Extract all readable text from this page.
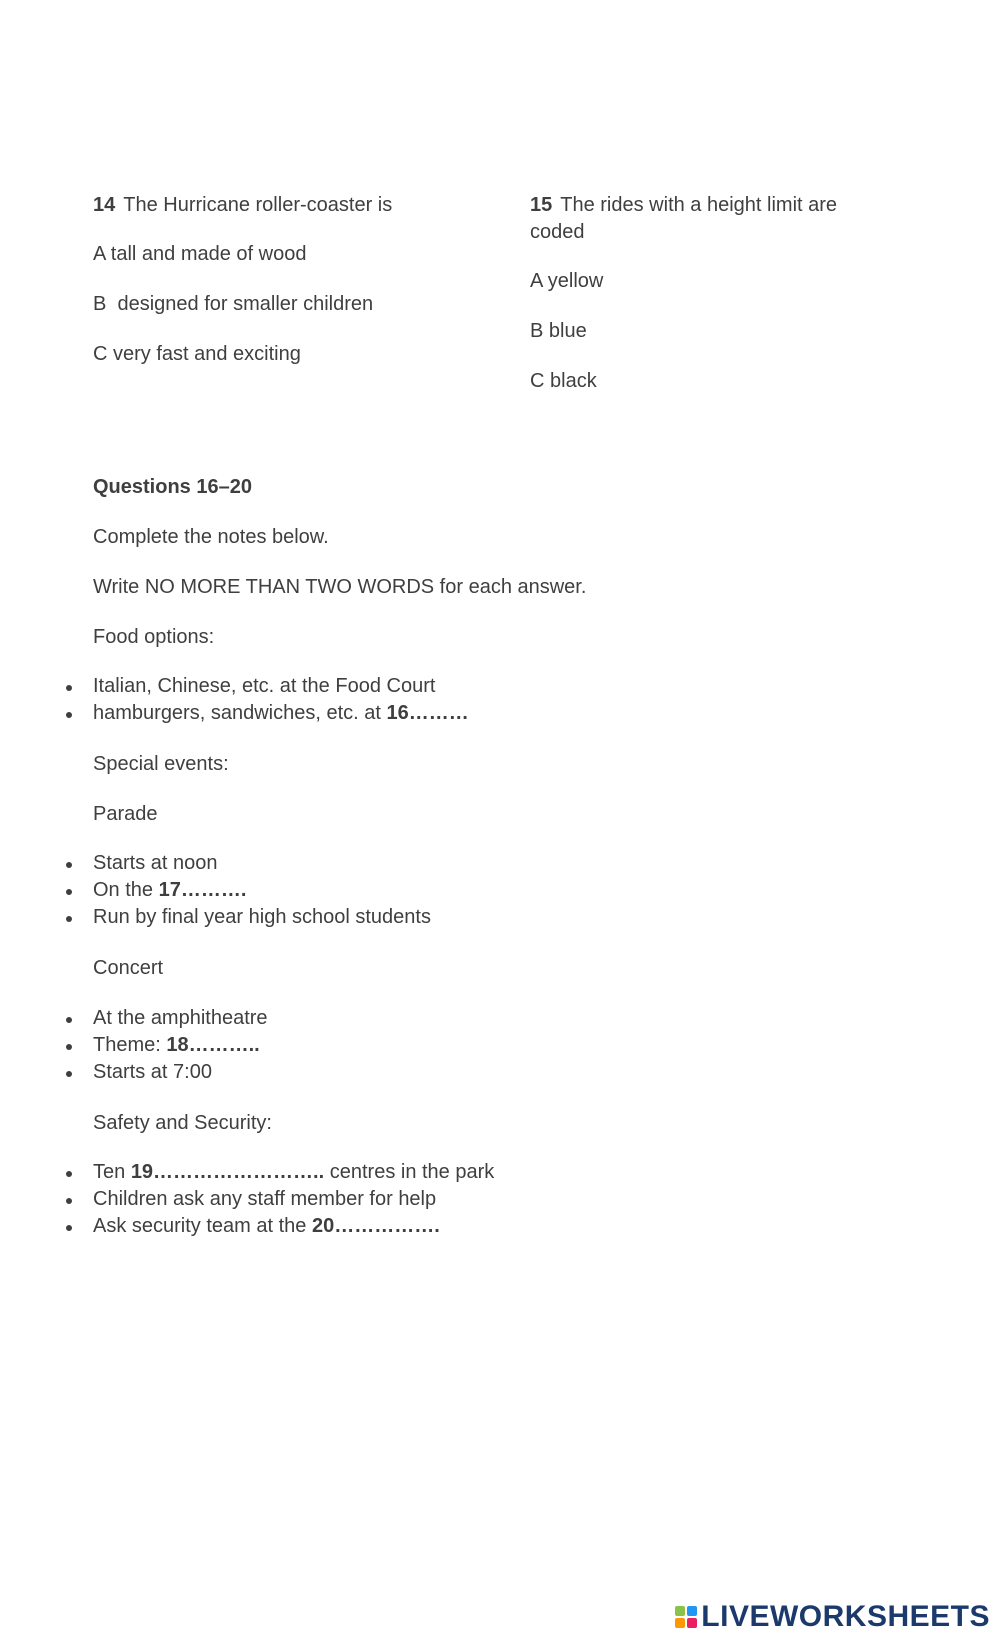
14 The Hurricane roller-coaster is

A tall and made of wood

B  designed for smaller children

C very fast and exciting

15 The rides with a height limit are coded

A yellow

B blue

C black

Questions 16–20
Complete the notes below.
Write NO MORE THAN TWO WORDS for each answer.
Food options:
Italian, Chinese, etc. at the Food Court
hamburgers, sandwiches, etc. at 16………
Special events:
Parade
Starts at noon
On the 17……….
Run by final year high school students
Concert
At the amphitheatre
Theme: 18………..
Starts at 7:00
Safety and Security:
Ten 19…………………….. centres in the park
Children ask any staff member for help
Ask security team at the 20…………….
LIVEWORKSHEETS
